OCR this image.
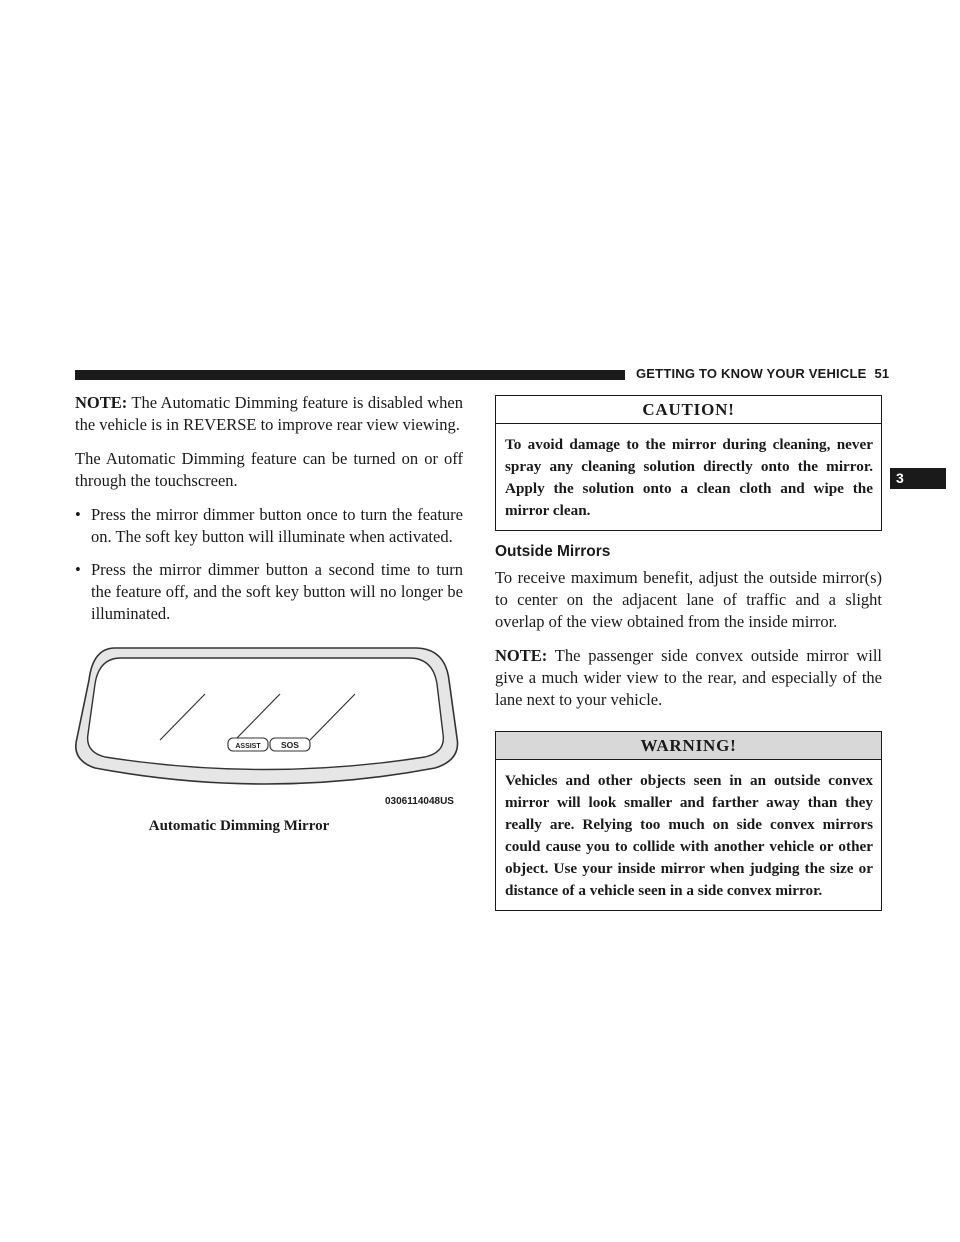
GETTING TO KNOW YOUR VEHICLE 51
3

NOTE: The Automatic Dimming feature is disabled when the vehicle is in REVERSE to improve rear view viewing.

The Automatic Dimming feature can be turned on or off through the touchscreen.

• Press the mirror dimmer button once to turn the feature on. The soft key button will illuminate when activated.
• Press the mirror dimmer button a second time to turn the feature off, and the soft key button will no longer be illuminated.
ASSIST SOS
0306114048US
Automatic Dimming Mirror
CAUTION!
To avoid damage to the mirror during cleaning, never spray any cleaning solution directly onto the mirror. Apply the solution onto a clean cloth and wipe the mirror clean.
Outside Mirrors

To receive maximum benefit, adjust the outside mirror(s) to center on the adjacent lane of traffic and a slight overlap of the view obtained from the inside mirror.

NOTE: The passenger side convex outside mirror will give a much wider view to the rear, and especially of the lane next to your vehicle.

WARNING!
Vehicles and other objects seen in an outside convex mirror will look smaller and farther away than they really are. Relying too much on side convex mirrors could cause you to collide with another vehicle or other object. Use your inside mirror when judging the size or distance of a vehicle seen in a side convex mirror.
